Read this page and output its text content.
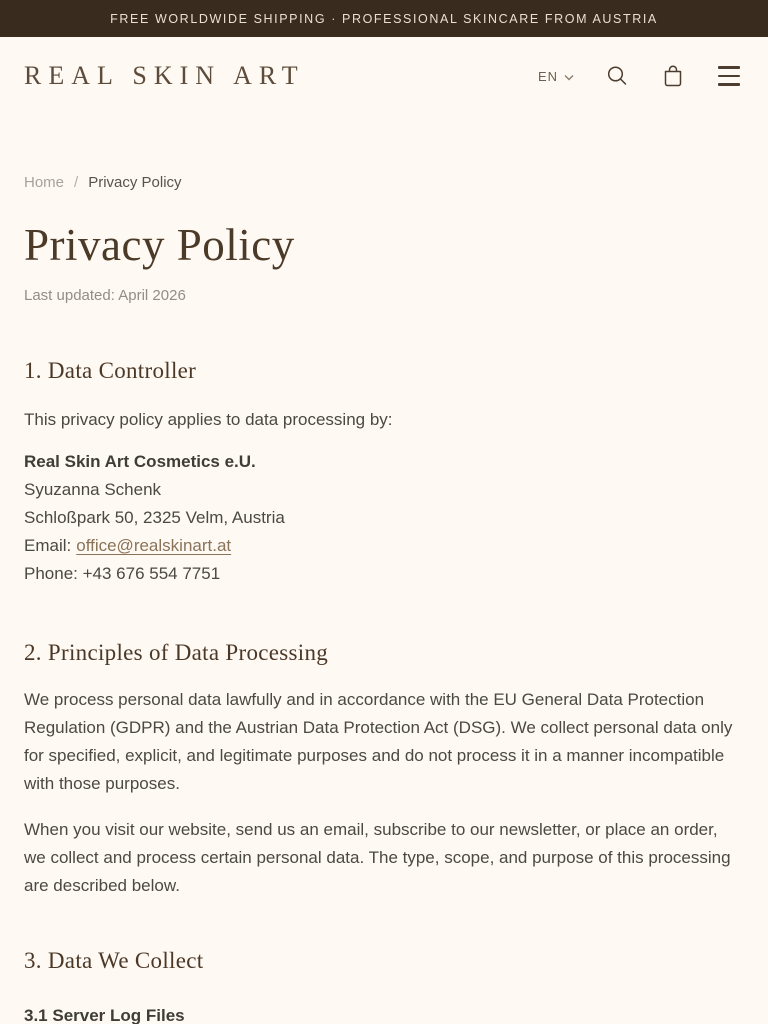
FREE WORLDWIDE SHIPPING · PROFESSIONAL SKINCARE FROM AUSTRIA
REAL SKIN ART	EN
Home / Privacy Policy
Privacy Policy

Last updated: April 2026

1. Data Controller

This privacy policy applies to data processing by:

Real Skin Art Cosmetics e.U.
Syuzanna Schenk
Schloßpark 50, 2325 Velm, Austria
Email: office@realskinart.at
Phone: +43 676 554 7751
2. Principles of Data Processing

We process personal data lawfully and in accordance with the EU General Data Protection Regulation (GDPR) and the Austrian Data Protection Act (DSG). We collect personal data only for specified, explicit, and legitimate purposes and do not process it in a manner incompatible with those purposes.

When you visit our website, send us an email, subscribe to our newsletter, or place an order, we collect and process certain personal data. The type, scope, and purpose of this processing are described below.

3. Data We Collect

3.1 Server Log Files
